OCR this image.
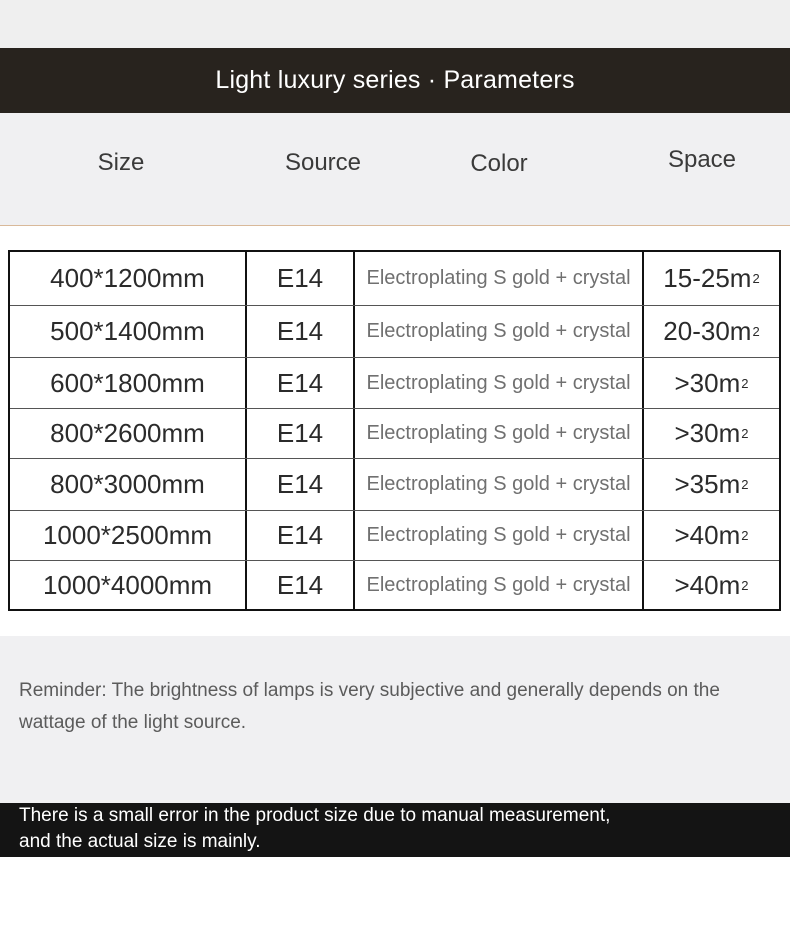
Light luxury series · Parameters
Size	Source	Color	Space
400*1200mm	E14	Electroplating S gold + crystal	15-25m 2
500*1400mm	E14	Electroplating S gold + crystal	20-30m 2
600*1800mm	E14	Electroplating S gold + crystal	>30m 2
800*2600mm	E14	Electroplating S gold + crystal	>30m 2
800*3000mm	E14	Electroplating S gold + crystal	>35m 2
1000*2500mm	E14	Electroplating S gold + crystal	>40m 2
1000*4000mm	E14	Electroplating S gold + crystal	>40m 2
Reminder: The brightness of lamps is very subjective and generally depends on the wattage of the light source.
There is a small error in the product size due to manual measurement,
and the actual size is mainly.
